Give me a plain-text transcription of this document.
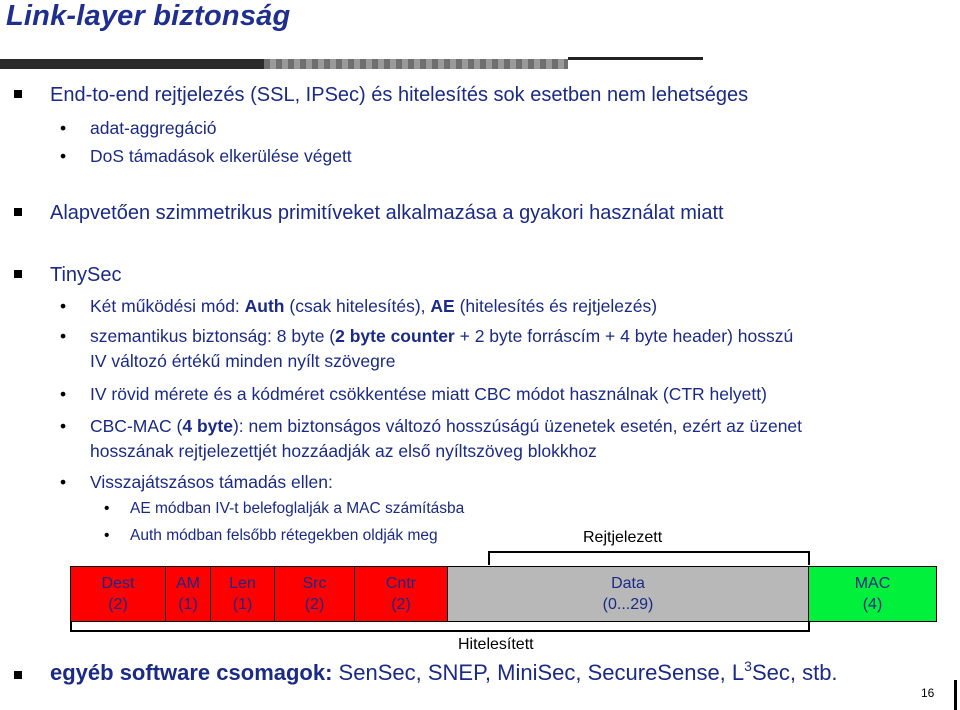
Link-layer biztonság
End-to-end rejtjelezés (SSL, IPSec) és hitelesítés sok esetben nem lehetséges
• adat-aggregáció
• DoS támadások elkerülése végett
Alapvetően szimmetrikus primitíveket alkalmazása a gyakori használat miatt
TinySec
• Két működési mód: Auth (csak hitelesítés), AE (hitelesítés és rejtjelezés)
• szemantikus biztonság: 8 byte (2 byte counter + 2 byte forráscím + 4 byte header) hosszú
IV változó értékű minden nyílt szövegre
• IV rövid mérete és a kódméret csökkentése miatt CBC módot használnak (CTR helyett)
• CBC-MAC (4 byte): nem biztonságos változó hosszúságú üzenetek esetén, ezért az üzenet
hosszának rejtjelezettjét hozzáadják az első nyíltszöveg blokkhoz
• Visszajátszásos támadás ellen:
• AE módban IV-t belefoglalják a MAC számításba
• Auth módban felsőbb rétegekben oldják meg	Rejtjelezett
Dest
(2)
AM
(1)
Len
(1)
Src
(2)
Cntr
(2)
Data
(0...29)
MAC
(4)
Hitelesített
egyéb software csomagok: SenSec, SNEP, MiniSec, SecureSense, $L^3Sec$, stb.
16
